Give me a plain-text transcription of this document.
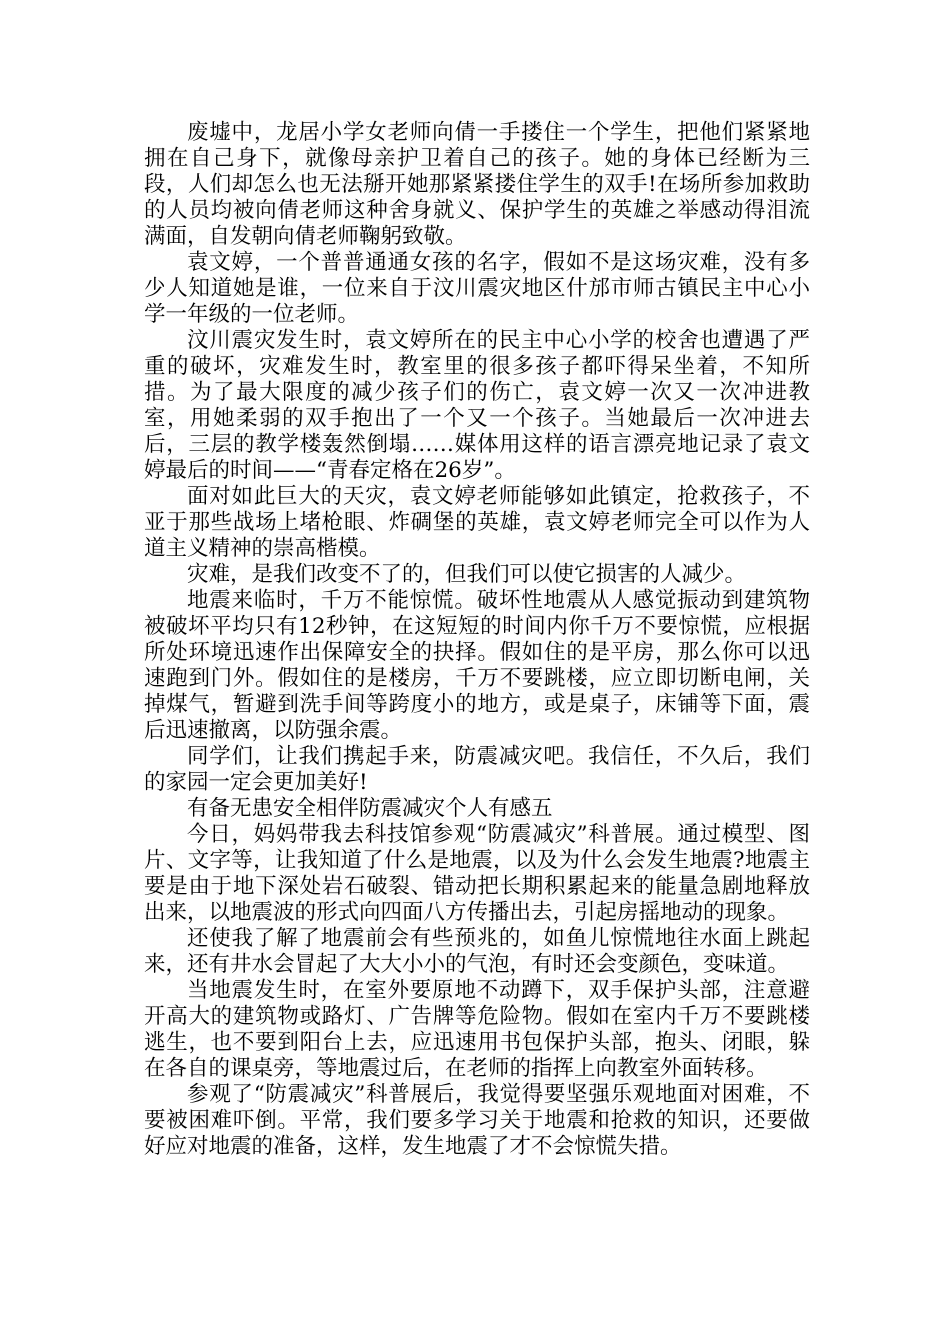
废墟中，龙居小学女老师向倩一手搂住一个学生，把他们紧紧地拥在自己身下，就像母亲护卫着自己的孩子。她的身体已经断为三段，人们却怎么也无法掰开她那紧紧搂住学生的双手!在场所参加救助的人员均被向倩老师这种舍身就义、保护学生的英雄之举感动得泪流满面，自发朝向倩老师鞠躬致敬。

袁文婷，一个普普通通女孩的名字，假如不是这场灾难，没有多少人知道她是谁，一位来自于汶川震灾地区什邡市师古镇民主中心小学一年级的一位老师。

汶川震灾发生时，袁文婷所在的民主中心小学的校舍也遭遇了严重的破坏，灾难发生时，教室里的很多孩子都吓得呆坐着，不知所措。为了最大限度的减少孩子们的伤亡，袁文婷一次又一次冲进教室，用她柔弱的双手抱出了一个又一个孩子。当她最后一次冲进去后，三层的教学楼轰然倒塌……媒体用这样的语言漂亮地记录了袁文婷最后的时间——“青春定格在26岁”。

面对如此巨大的天灾，袁文婷老师能够如此镇定，抢救孩子，不亚于那些战场上堵枪眼、炸碉堡的英雄，袁文婷老师完全可以作为人道主义精神的崇高楷模。

灾难，是我们改变不了的，但我们可以使它损害的人减少。

地震来临时，千万不能惊慌。破坏性地震从人感觉振动到建筑物被破坏平均只有12秒钟，在这短短的时间内你千万不要惊慌，应根据所处环境迅速作出保障安全的抉择。假如住的是平房，那么你可以迅速跑到门外。假如住的是楼房，千万不要跳楼，应立即切断电闸，关掉煤气，暂避到洗手间等跨度小的地方，或是桌子，床铺等下面，震后迅速撤离，以防强余震。

同学们，让我们携起手来，防震减灾吧。我信任，不久后，我们的家园一定会更加美好!

有备无患安全相伴防震减灾个人有感五

今日，妈妈带我去科技馆参观“防震减灾”科普展。通过模型、图片、文字等，让我知道了什么是地震，以及为什么会发生地震?地震主要是由于地下深处岩石破裂、错动把长期积累起来的能量急剧地释放出来，以地震波的形式向四面八方传播出去，引起房摇地动的现象。

还使我了解了地震前会有些预兆的，如鱼儿惊慌地往水面上跳起来，还有井水会冒起了大大小小的气泡，有时还会变颜色，变味道。

当地震发生时，在室外要原地不动蹲下，双手保护头部，注意避开高大的建筑物或路灯、广告牌等危险物。假如在室内千万不要跳楼逃生，也不要到阳台上去，应迅速用书包保护头部，抱头、闭眼，躲在各自的课桌旁，等地震过后，在老师的指挥上向教室外面转移。

参观了“防震减灾”科普展后，我觉得要坚强乐观地面对困难，不要被困难吓倒。平常，我们要多学习关于地震和抢救的知识，还要做好应对地震的准备，这样，发生地震了才不会惊慌失措。
